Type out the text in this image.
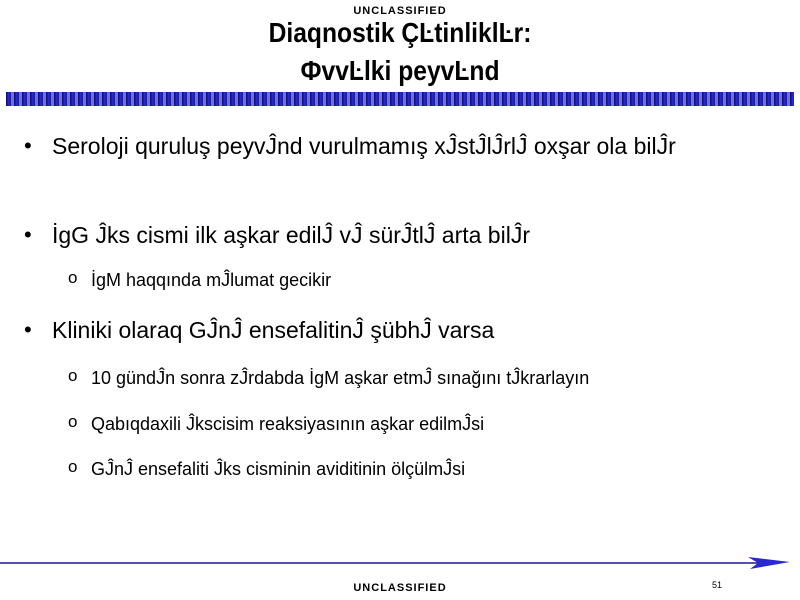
UNCLASSIFIED
Diaqnostik ÇĿtinliklĿr:
ФvvĿlki peyvĿnd
• Seroloji quruluş peyvĴnd vurulmamış xĴstĴlĴrlĴ oxşar ola bilĴr
• İgG Ĵks cismi ilk aşkar edilĴ vĴ sürĴtlĴ arta bilĴr
o İgM haqqında mĴlumat gecikir
• Kliniki olaraq GĴnĴ ensefalitinĴ şübhĴ varsa
o 10 gündĴn sonra zĴrdabda İgM aşkar etmĴ sınağını tĴkrarlayın
o Qabıqdaxili Ĵkscisim reaksiyasının aşkar edilmĴsi
o GĴnĴ ensefaliti Ĵks cisminin aviditinin ölçülmĴsi
51
UNCLASSIFIED
